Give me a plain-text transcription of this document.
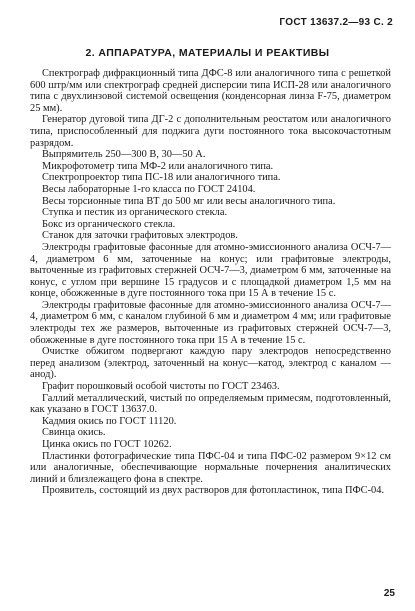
ГОСТ 13637.2—93 С. 2
2. АППАРАТУРА, МАТЕРИАЛЫ И РЕАКТИВЫ

Спектрограф дифракционный типа ДФС-8 или аналогичного типа с решеткой 600 штр/мм или спектрограф средней дисперсии типа ИСП-28 или аналогичного типа с двухлинзовой системой освещения (конденсорная линза F-75, диаметром 25 мм).

Генератор дуговой типа ДГ-2 с дополнительным реостатом или аналогичного типа, приспособленный для поджига дуги постоянного тока высокочастотным разрядом.

Выпрямитель 250—300 В, 30—50 А.

Микрофотометр типа МФ-2 или аналогичного типа.

Спектропроектор типа ПС-18 или аналогичного типа.

Весы лабораторные 1-го класса по ГОСТ 24104.

Весы торсионные типа ВТ до 500 мг или весы аналогичного типа.

Ступка и пестик из органического стекла.

Бокс из органического стекла.

Станок для заточки графитовых электродов.

Электроды графитовые фасонные для атомно-эмиссионного анализа ОСЧ-7—4, диаметром 6 мм, заточенные на конус; или графитовые электроды, выточенные из графитовых стержней ОСЧ-7—3, диаметром 6 мм, заточенные на конус, с углом при вершине 15 градусов и с площадкой диаметром 1,5 мм на конце, обожженные в дуге постоянного тока при 15 А в течение 15 с.

Электроды графитовые фасонные для атомно-эмиссионного анализа ОСЧ-7—4, диаметром 6 мм, с каналом глубиной 6 мм и диаметром 4 мм; или графитовые электроды тех же размеров, выточенные из графитовых стержней ОСЧ-7—3, обожженные в дуге постоянного тока при 15 А в течение 15 с.

Очистке обжигом подвергают каждую пару электродов непосредственно перед анализом (электрод, заточенный на конус—катод, электрод с каналом — анод).

Графит порошковый особой чистоты по ГОСТ 23463.

Галлий металлический, чистый по определяемым примесям, подготовленный, как указано в ГОСТ 13637.0.

Кадмия окись по ГОСТ 11120.

Свинца окись.

Цинка окись по ГОСТ 10262.

Пластинки фотографические типа ПФС-04 и типа ПФС-02 размером 9×12 см или аналогичные, обеспечивающие нормальные почернения аналитических линий и близлежащего фона в спектре.

Проявитель, состоящий из двух растворов для фотопластинок, типа ПФС-04.

25
